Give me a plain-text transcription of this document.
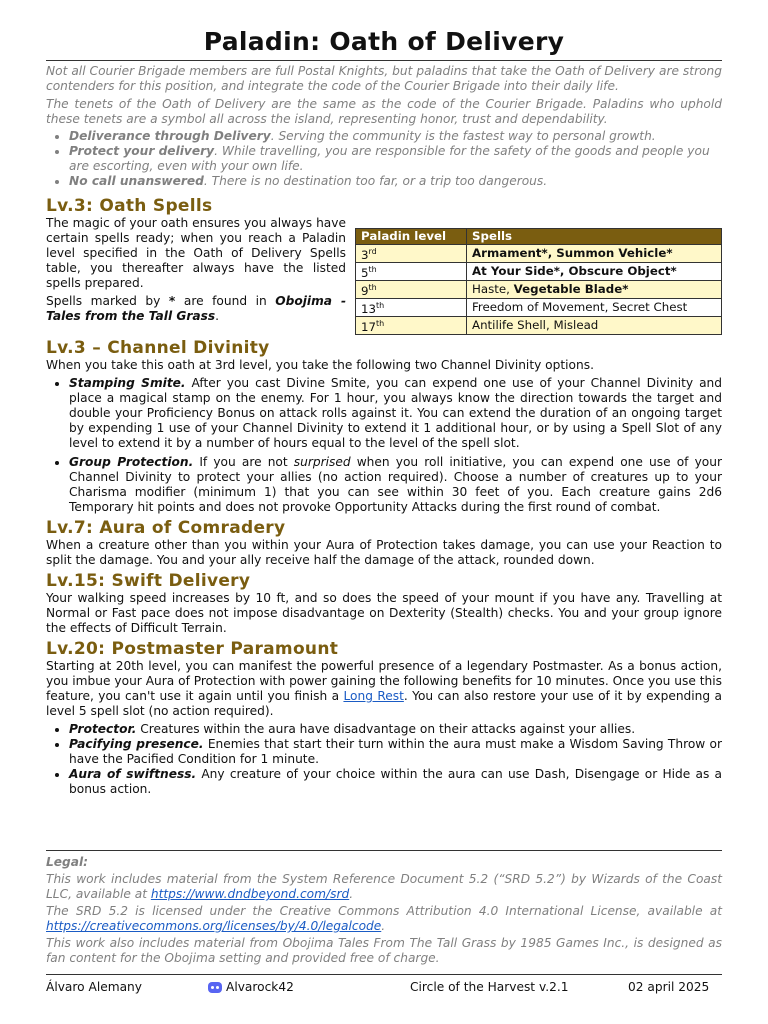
Paladin: Oath of Delivery

Not all Courier Brigade members are full Postal Knights, but paladins that take the Oath of Delivery are strong contenders for this position, and integrate the code of the Courier Brigade into their daily life.

The tenets of the Oath of Delivery are the same as the code of the Courier Brigade. Paladins who uphold these tenets are a symbol all across the island, representing honor, trust and dependability.

• Deliverance through Delivery. Serving the community is the fastest way to personal growth.
• Protect your delivery. While travelling, you are responsible for the safety of the goods and people you are escorting, even with your own life.
• No call unanswered. There is no destination too far, or a trip too dangerous.
Lv.3: Oath Spells

The magic of your oath ensures you always have certain spells ready; when you reach a Paladin level specified in the Oath of Delivery Spells table, you thereafter always have the listed spells prepared.

Spells marked by * are found in Obojima - Tales from the Tall Grass.

Paladin level	Spells
3rd	Armament*, Summon Vehicle*
5th	At Your Side*, Obscure Object*
9th	Haste, Vegetable Blade*
13th	Freedom of Movement, Secret Chest
17th	Antilife Shell, Mislead
Lv.3 – Channel Divinity

When you take this oath at 3rd level, you take the following two Channel Divinity options.

• Stamping Smite. After you cast Divine Smite, you can expend one use of your Channel Divinity and place a magical stamp on the enemy. For 1 hour, you always know the direction towards the target and double your Proficiency Bonus on attack rolls against it. You can extend the duration of an ongoing target by expending 1 use of your Channel Divinity to extend it 1 additional hour, or by using a Spell Slot of any level to extend it by a number of hours equal to the level of the spell slot.
• Group Protection. If you are not surprised when you roll initiative, you can expend one use of your Channel Divinity to protect your allies (no action required). Choose a number of creatures up to your Charisma modifier (minimum 1) that you can see within 30 feet of you. Each creature gains 2d6 Temporary hit points and does not provoke Opportunity Attacks during the first round of combat.
Lv.7: Aura of Comradery

When a creature other than you within your Aura of Protection takes damage, you can use your Reaction to split the damage. You and your ally receive half the damage of the attack, rounded down.

Lv.15: Swift Delivery

Your walking speed increases by 10 ft, and so does the speed of your mount if you have any. Travelling at Normal or Fast pace does not impose disadvantage on Dexterity (Stealth) checks. You and your group ignore the effects of Difficult Terrain.

Lv.20: Postmaster Paramount

Starting at 20th level, you can manifest the powerful presence of a legendary Postmaster. As a bonus action, you imbue your Aura of Protection with power gaining the following benefits for 10 minutes. Once you use this feature, you can't use it again until you finish a Long Rest. You can also restore your use of it by expending a level 5 spell slot (no action required).

• Protector. Creatures within the aura have disadvantage on their attacks against your allies.
• Pacifying presence. Enemies that start their turn within the aura must make a Wisdom Saving Throw or have the Pacified Condition for 1 minute.
• Aura of swiftness. Any creature of your choice within the aura can use Dash, Disengage or Hide as a bonus action.

Legal:

This work includes material from the System Reference Document 5.2 (“SRD 5.2”) by Wizards of the Coast LLC, available at https://www.dndbeyond.com/srd.

The SRD 5.2 is licensed under the Creative Commons Attribution 4.0 International License, available at https://creativecommons.org/licenses/by/4.0/legalcode.

This work also includes material from Obojima Tales From The Tall Grass by 1985 Games Inc., is designed as fan content for the Obojima setting and provided free of charge.

Álvaro Alemany	Alvarock42	Circle of the Harvest v.2.1	02 april 2025
